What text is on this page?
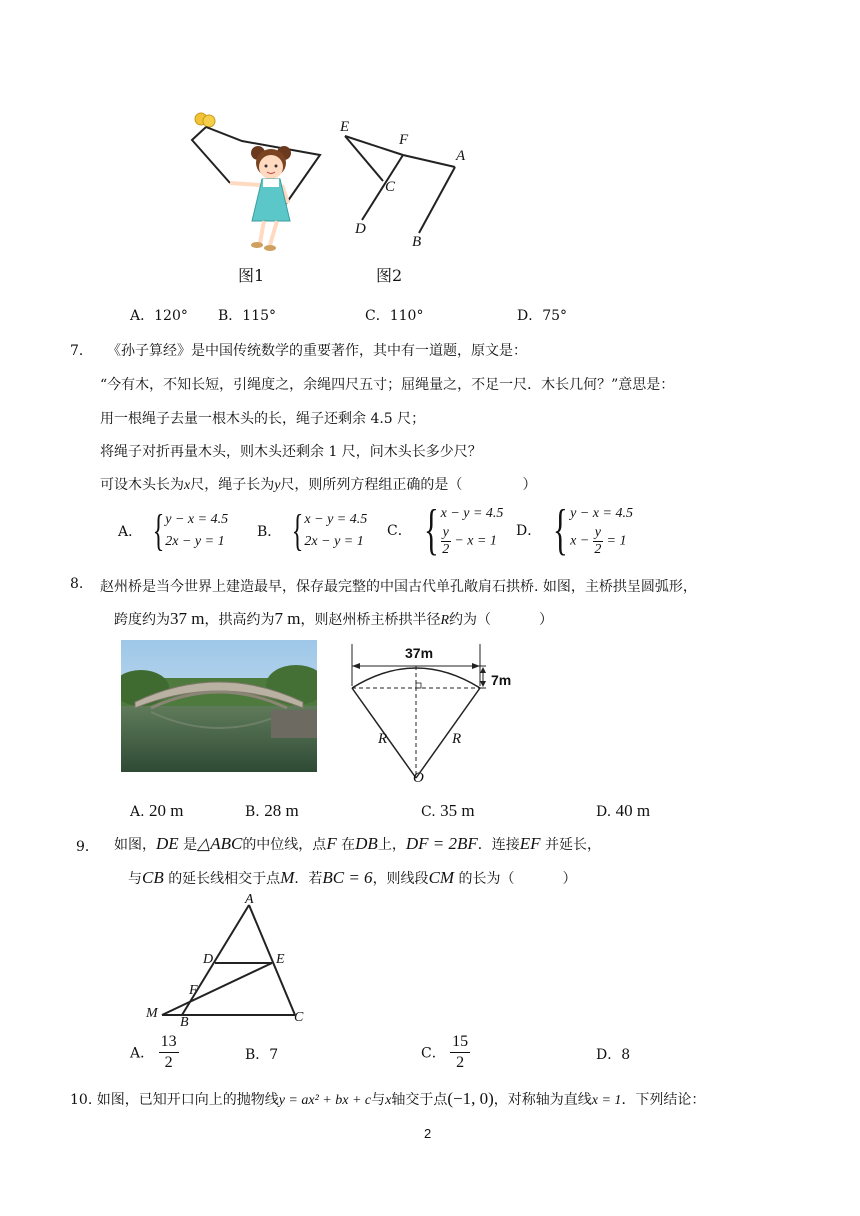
E
F
A
C
D
B
图1	图2
A．120° B．115°	C．110°	D．75°
7． 《孙子算经》是中国传统数学的重要著作，其中有一道题，原文是：
“今有木，不知长短，引绳度之，余绳四尺五寸；屈绳量之，不足一尺．木长几何？”意思是：
用一根绳子去量一根木头的长，绳子还剩余 4.5 尺；
将绳子对折再量木头，则木头还剩余 1 尺，问木头长多少尺？
可设木头长为x尺，绳子长为y尺，则所列方程组正确的是（	）
A． { y − x = 4.5
2x − y = 1
B． { x − y = 4.5
2x − y = 1
C． { x − y = 4.5
$\frac{y}{2} - x = 1$
D． { y − x = 4.5
$x - \frac{y}{2} = 1$
8. 赵州桥是当今世界上建造最早，保存最完整的中国古代单孔敞肩石拱桥. 如图，主桥拱呈圆弧形，
跨度约为37 m，拱高约为7 m，则赵州桥主桥拱半径R约为（	）
37m
7m
R	R
O
A. 20 m	B. 28 m	C. 35 m	D. 40 m
9． 如图，DE 是△ABC的中位线，点F 在DB上，DF = 2BF．连接EF 并延长，
与CB 的延长线相交于点M．若BC = 6，则线段CM 的长为（	）
A
D	E
F
M
B	C
A． $\frac{13}{2}$	B．7	C． $\frac{15}{2}$	D．8
10. 如图，已知开口向上的抛物线y = ax² + bx + c与x轴交于点(−1, 0)，对称轴为直线x = 1．下列结论：
2
